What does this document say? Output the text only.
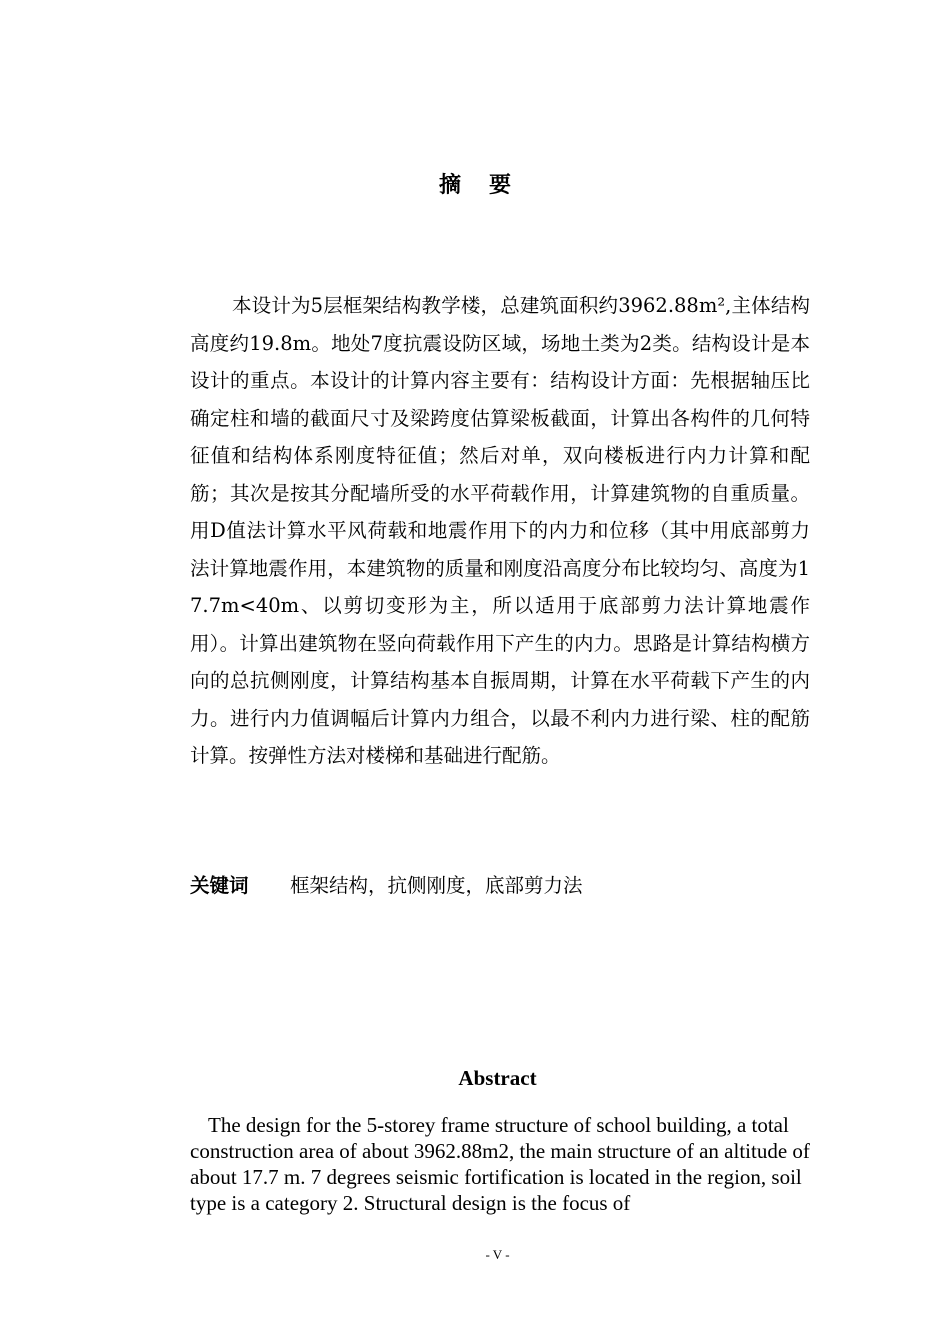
摘要

本设计为5层框架结构教学楼，总建筑面积约3962.88m²,主体结构高度约19.8m。地处7度抗震设防区域，场地土类为2类。结构设计是本设计的重点。本设计的计算内容主要有：结构设计方面：先根据轴压比确定柱和墙的截面尺寸及梁跨度估算梁板截面，计算出各构件的几何特征值和结构体系刚度特征值；然后对单，双向楼板进行内力计算和配筋；其次是按其分配墙所受的水平荷载作用，计算建筑物的自重质量。用D值法计算水平风荷载和地震作用下的内力和位移（其中用底部剪力法计算地震作用，本建筑物的质量和刚度沿高度分布比较均匀、高度为17.7m<40m、以剪切变形为主，所以适用于底部剪力法计算地震作用）。计算出建筑物在竖向荷载作用下产生的内力。思路是计算结构横方向的总抗侧刚度，计算结构基本自振周期，计算在水平荷载下产生的内力。进行内力值调幅后计算内力组合，以最不利内力进行梁、柱的配筋计算。按弹性方法对楼梯和基础进行配筋。

关键词 框架结构，抗侧刚度，底部剪力法
Abstract

The design for the 5-storey frame structure of school building, a total construction area of about 3962.88m2, the main structure of an altitude of about 17.7 m. 7 degrees seismic fortification is located in the region, soil type is a category 2. Structural design is the focus of

- V -
